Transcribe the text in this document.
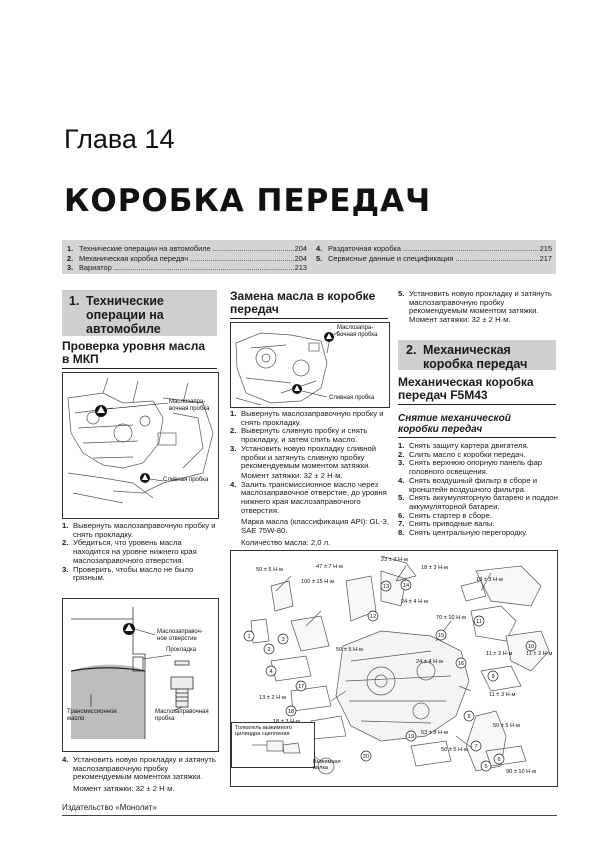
Глава 14
КОРОБКА ПЕРЕДАЧ
1. Технические операции на автомобиле .....	204
2. Механическая коробка передач .....	204
3. Вариатор .....	213
4. Раздаточная коробка .....	215
5. Сервисные данные и спецификация .....	217
1. Технические
операции на
автомобиле
Проверка уровня масла
в МКП
Маслозапра-
вочная пробка
Сливная пробка
1. Вывернуть маслозаправочную пробку и снять прокладку.
2. Убедиться, что уровень масла находится на уровне нижнего края маслозаправочного отверстия.
3. Проверить, чтобы масло не было грязным.
Маслозаправоч-
ное отверстие
Прокладка
Трансмиссионное
масло
Маслозаправочная
пробка
4. Установить новую прокладку и затянуть маслозаправочную пробку рекомендуемым моментом затяжки.
Момент затяжки: 32 ± 2 Н·м.
Замена масла в коробке
передач
Маслозапра-
вочная пробка
Сливная пробка
1. Вывернуть маслозаправочную пробку и снять прокладку.
2. Вывернуть сливную пробку и снять прокладку, и затем слить масло.
3. Установить новую прокладку сливной пробки и затянуть сливную пробку рекомендуемым моментом затяжки.
Момент затяжки: 32 ± 2 Н·м.
4. Залить трансмиссионное масло через маслозаправочное отверстие, до уровня нижнего края маслозаправочного отверстия.
Марка масла (классификация API): GL-3, SAE 75W-80.
Количество масла: 2,0 л.
5. Установить новую прокладку и затянуть маслозаправочную пробку рекомендуемым моментом затяжки.
Момент затяжки: 32 ± 2 Н·м.
2. Механическая
коробка передач
Механическая коробка
передач F5M43
Снятие механической
коробки передач
1. Снять защиту картера двигателя.
2. Слить масло с коробки передач.
3. Снять верхнюю опорную панель фар головного освещения.
4. Снять воздушный фильтр в сборе и кронштейн воздушного фильтра.
5. Снять аккумуляторную батарею и поддон аккумуляторной батареи.
6. Снять стартер в сборе.
7. Снять приводные валы.
8. Снять центральную перегородку.
23 ± 3 Н·м
18 ± 3 Н·м
18 ± 3 Н·м
47 ± 7 Н·м
50 ± 5 Н·м
100 ± 15 Н·м
24 ± 4 Н·м
70 ± 10 Н·м
50 ± 5 Н·м
24 ± 4 Н·м
11 ± 3 Н·м
11 ± 3 Н·м
13 ± 2 Н·м
53 ± 8 Н·м
50 ± 5 Н·м
50 ± 5 Н·м
90 ± 10 Н·м
11 ± 3 Н·м
1
2
3
4
5
6
7
8
9
10
11
12
13 14
15
16
17
18
19
20
Толкатель выжимного
цилиндра сцепления
Выжимная
вилка
Издательство «Монолит»
